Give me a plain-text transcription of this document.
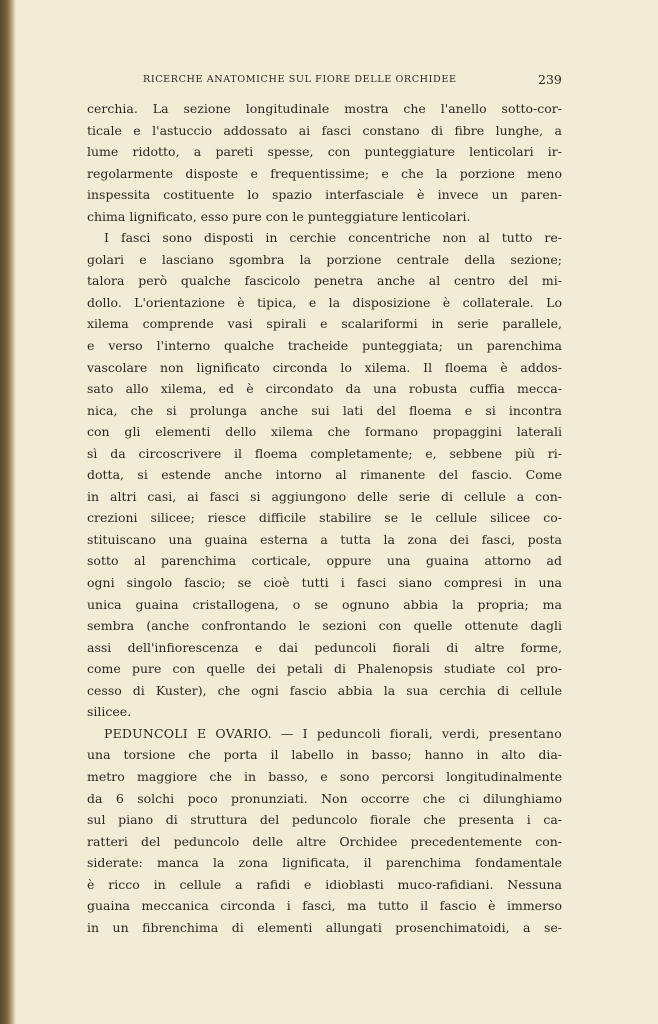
RICERCHE ANATOMICHE SUL FIORE DELLE ORCHIDEE	239
cerchia. La sezione longitudinale mostra che l'anello sotto-cor-
ticale e l'astuccio addossato ai fasci constano di fibre lunghe, a
lume ridotto, a pareti spesse, con punteggiature lenticolari ir-
regolarmente disposte e frequentissime; e che la porzione meno
inspessita costituente lo spazio interfasciale è invece un paren-
chima lignificato, esso pure con le punteggiature lenticolari.
I fasci sono disposti in cerchie concentriche non al tutto re-
golari e lasciano sgombra la porzione centrale della sezione;
talora però qualche fascicolo penetra anche al centro del mi-
dollo. L'orientazione è tipica, e la disposizione è collaterale. Lo
xilema comprende vasi spirali e scalariformi in serie parallele,
e verso l'interno qualche tracheide punteggiata; un parenchima
vascolare non lignificato circonda lo xilema. Il floema è addos-
sato allo xilema, ed è circondato da una robusta cuffia mecca-
nica, che si prolunga anche sui lati del floema e si incontra
con gli elementi dello xilema che formano propaggini laterali
sì da circoscrivere il floema completamente; e, sebbene più ri-
dotta, si estende anche intorno al rimanente del fascio. Come
in altri casi, ai fasci si aggiungono delle serie di cellule a con-
crezioni silicee; riesce difficile stabilire se le cellule silicee co-
stituiscano una guaina esterna a tutta la zona dei fasci, posta
sotto al parenchima corticale, oppure una guaina attorno ad
ogni singolo fascio; se cioè tutti i fasci siano compresi in una
unica guaina cristallogena, o se ognuno abbia la propria; ma
sembra (anche confrontando le sezioni con quelle ottenute dagli
assi dell'infiorescenza e dai peduncoli fiorali di altre forme,
come pure con quelle dei petali di Phalenopsis studiate col pro-
cesso di Kuster), che ogni fascio abbia la sua cerchia di cellule
silicee.
PEDUNCOLI E OVARIO. — I peduncoli fiorali, verdi, presentano
una torsione che porta il labello in basso; hanno in alto dia-
metro maggiore che in basso, e sono percorsi longitudinalmente
da 6 solchi poco pronunziati. Non occorre che ci dilunghiamo
sul piano di struttura del peduncolo fiorale che presenta i ca-
ratteri del peduncolo delle altre Orchidee precedentemente con-
siderate: manca la zona lignificata, il parenchima fondamentale
è ricco in cellule a rafidi e idioblasti muco-rafidiani. Nessuna
guaina meccanica circonda i fasci, ma tutto il fascio è immerso
in un fibrenchima di elementi allungati prosenchimatoidi, a se-
